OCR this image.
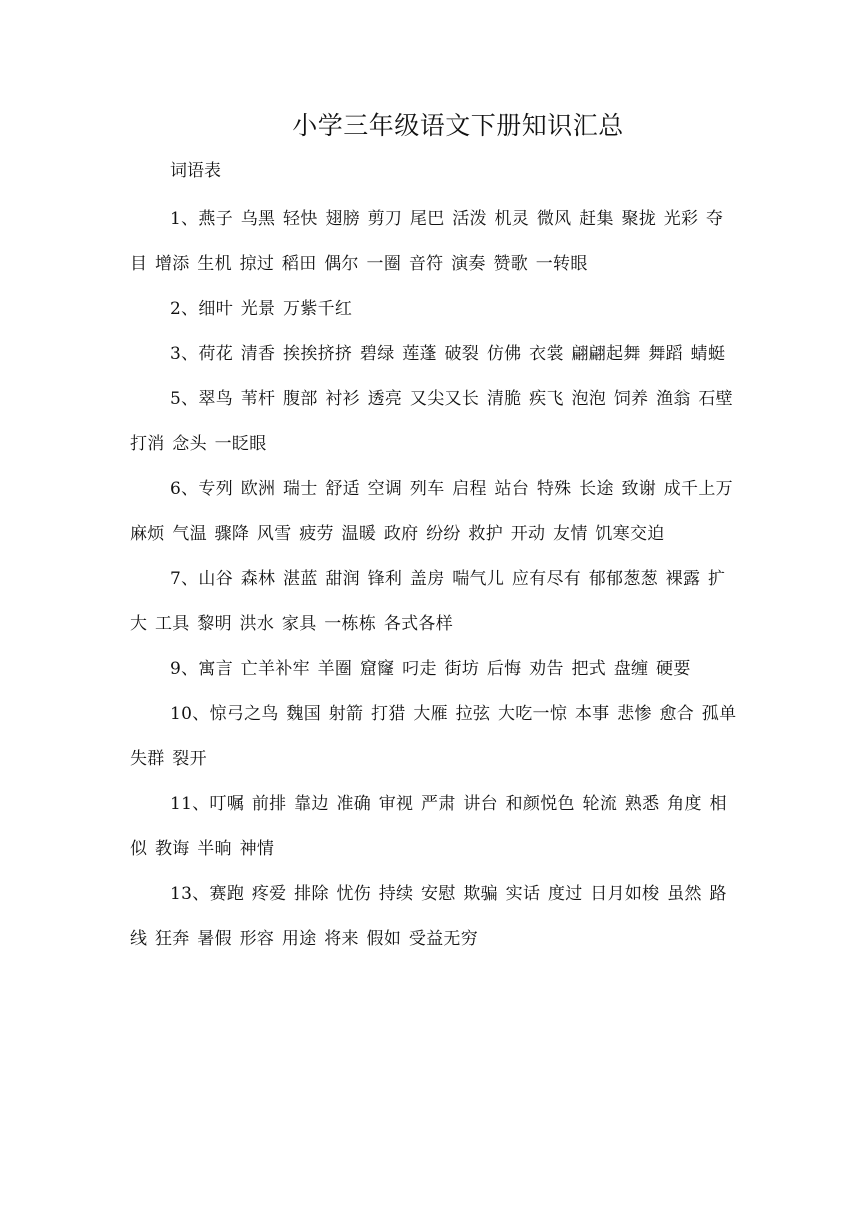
小学三年级语文下册知识汇总
词语表

1、燕子 乌黑 轻快 翅膀 剪刀 尾巴 活泼 机灵 微风 赶集 聚拢 光彩 夺目 增添 生机 掠过 稻田 偶尔 一圈 音符 演奏 赞歌 一转眼

2、细叶 光景 万紫千红

3、荷花 清香 挨挨挤挤 碧绿 莲蓬 破裂 仿佛 衣裳 翩翩起舞 舞蹈 蜻蜓

5、翠鸟 苇杆 腹部 衬衫 透亮 又尖又长 清脆 疾飞 泡泡 饲养 渔翁 石壁 打消 念头 一眨眼

6、专列 欧洲 瑞士 舒适 空调 列车 启程 站台 特殊 长途 致谢 成千上万 麻烦 气温 骤降 风雪 疲劳 温暖 政府 纷纷 救护 开动 友情 饥寒交迫

7、山谷 森林 湛蓝 甜润 锋利 盖房 喘气儿 应有尽有 郁郁葱葱 裸露 扩大 工具 黎明 洪水 家具 一栋栋 各式各样

9、寓言 亡羊补牢 羊圈 窟窿 叼走 街坊 后悔 劝告 把式 盘缠 硬要

10、惊弓之鸟 魏国 射箭 打猎 大雁 拉弦 大吃一惊 本事 悲惨 愈合 孤单 失群 裂开

11、叮嘱 前排 靠边 准确 审视 严肃 讲台 和颜悦色 轮流 熟悉 角度 相似 教诲 半晌 神情

13、赛跑 疼爱 排除 忧伤 持续 安慰 欺骗 实话 度过 日月如梭 虽然 路线 狂奔 暑假 形容 用途 将来 假如 受益无穷
